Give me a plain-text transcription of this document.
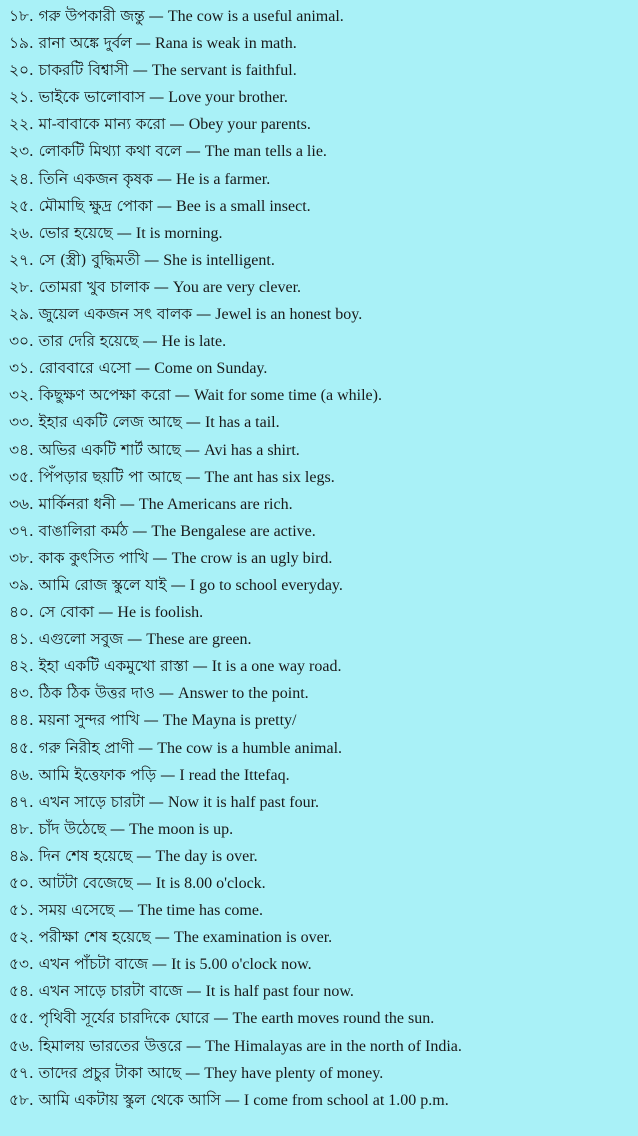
১৮. গরু উপকারী জন্তু — The cow is a useful animal.
১৯. রানা অঙ্কে দুর্বল — Rana is weak in math.
২০. চাকরটি বিশ্বাসী — The servant is faithful.
২১. ভাইকে ভালোবাস — Love your brother.
২২. মা-বাবাকে মান্য করো — Obey your parents.
২৩. লোকটি মিথ্যা কথা বলে — The man tells a lie.
২৪. তিনি একজন কৃষক — He is a farmer.
২৫. মৌমাছি ক্ষুদ্র পোকা — Bee is a small insect.
২৬. ভোর হয়েছে — It is morning.
২৭. সে (স্ত্রী) বুদ্ধিমতী — She is intelligent.
২৮. তোমরা খুব চালাক — You are very clever.
২৯. জুয়েল একজন সৎ বালক — Jewel is an honest boy.
৩০. তার দেরি হয়েছে — He is late.
৩১. রোববারে এসো — Come on Sunday.
৩২. কিছুক্ষণ অপেক্ষা করো — Wait for some time (a while).
৩৩. ইহার একটি লেজ আছে — It has a tail.
৩৪. অভির একটি শার্ট আছে — Avi has a shirt.
৩৫. পিঁপড়ার ছয়টি পা আছে — The ant has six legs.
৩৬. মার্কিনরা ধনী — The Americans are rich.
৩৭. বাঙালিরা কর্মঠ — The Bengalese are active.
৩৮. কাক কুৎসিত পাখি — The crow is an ugly bird.
৩৯. আমি রোজ স্কুলে যাই — I go to school everyday.
৪০. সে বোকা — He is foolish.
৪১. এগুলো সবুজ — These are green.
৪২. ইহা একটি একমুখো রাস্তা — It is a one way road.
৪৩. ঠিক ঠিক উত্তর দাও — Answer to the point.
৪৪. ময়না সুন্দর পাখি — The Mayna is pretty/
৪৫. গরু নিরীহ প্রাণী — The cow is a humble animal.
৪৬. আমি ইত্তেফাক পড়ি — I read the Ittefaq.
৪৭. এখন সাড়ে চারটা — Now it is half past four.
৪৮. চাঁদ উঠেছে — The moon is up.
৪৯. দিন শেষ হয়েছে — The day is over.
৫০. আটটা বেজেছে — It is 8.00 o'clock.
৫১. সময় এসেছে — The time has come.
৫২. পরীক্ষা শেষ হয়েছে — The examination is over.
৫৩. এখন পাঁচটা বাজে — It is 5.00 o'clock now.
৫৪. এখন সাড়ে চারটা বাজে — It is half past four now.
৫৫. পৃথিবী সূর্যের চারদিকে ঘোরে — The earth moves round the sun.
৫৬. হিমালয় ভারতের উত্তরে — The Himalayas are in the north of India.
৫৭. তাদের প্রচুর টাকা আছে — They have plenty of money.
৫৮. আমি একটায় স্কুল থেকে আসি — I come from school at 1.00 p.m.
